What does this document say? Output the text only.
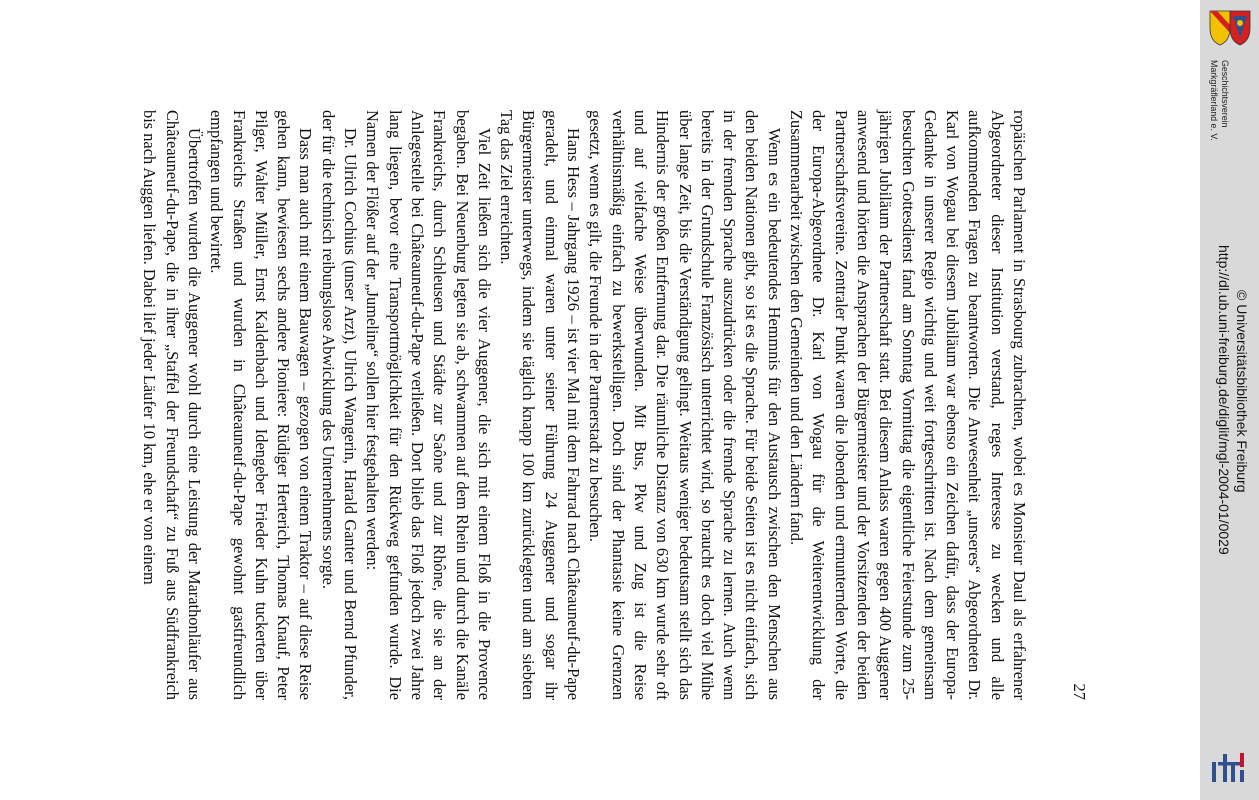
27

ropäischen Parlament in Strasbourg zubrachten, wobei es Monsieur Daul als erfahrener Abgeordneter dieser Institution verstand, reges Interesse zu wecken und alle aufkommenden Fragen zu beantworten. Die Anwesenheit „unseres“ Abgeordneten Dr. Karl von Wogau bei diesem Jubiläum war ebenso ein Zeichen dafür, dass der Europa-Gedanke in unserer Regio wichtig und weit fortgeschritten ist. Nach dem gemeinsam besuchten Gottesdienst fand am Sonntag Vormittag die eigentliche Feierstunde zum 25-jährigen Jubiläum der Partnerschaft statt. Bei diesem Anlass waren gegen 400 Auggener anwesend und hörten die Ansprachen der Bürgermeister und der Vorsitzenden der beiden Partnerschaftsvereine. Zentraler Punkt waren die lobenden und ermunternden Worte, die der Europa-Abgeordnete Dr. Karl von Wogau für die Weiterentwicklung der Zusammenarbeit zwischen den Gemeinden und den Ländern fand.

Wenn es ein bedeutendes Hemmnis für den Austausch zwischen den Menschen aus den beiden Nationen gibt, so ist es die Sprache. Für beide Seiten ist es nicht einfach, sich in der fremden Sprache auszudrücken oder die fremde Sprache zu lernen. Auch wenn bereits in der Grundschule Französisch unterrichtet wird, so braucht es doch viel Mühe über lange Zeit, bis die Verständigung gelingt. Weitaus weniger bedeutsam stellt sich das Hindernis der großen Entfernung dar. Die räumliche Distanz von 630 km wurde sehr oft und auf vielfache Weise überwunden. Mit Bus, Pkw und Zug ist die Reise verhältnismäßig einfach zu bewerkstelligen. Doch sind der Phantasie keine Grenzen gesetzt, wenn es gilt, die Freunde in der Partnerstadt zu besuchen.

Hans Hess – Jahrgang 1926 – ist vier Mal mit dem Fahrrad nach Châteauneuf-du-Pape geradelt, und einmal waren unter seiner Führung 24 Auggener und sogar ihr Bürgermeister unterwegs, indem sie täglich knapp 100 km zurücklegten und am siebten Tag das Ziel erreichten.

Viel Zeit ließen sich die vier Auggener, die sich mit einem Floß in die Provence begaben. Bei Neuenburg legten sie ab, schwammen auf dem Rhein und durch die Kanäle Frankreichs, durch Schleusen und Städte zur Saône und zur Rhône, die sie an der Anlegestelle bei Châteauneuf-du-Pape verließen. Dort blieb das Floß jedoch zwei Jahre lang liegen, bevor eine Transportmöglichkeit für den Rückweg gefunden wurde. Die Namen der Flößer auf der „Jumeline“ sollen hier festgehalten werden:

Dr. Ulrich Cochius (unser Arzt), Ulrich Wangerin, Harald Ganter und Bernd Pfunder, der für die technisch reibungslose Abwicklung des Unternehmens sorgte.

Dass man auch mit einem Bauwagen – gezogen von einem Traktor – auf diese Reise gehen kann, bewiesen sechs andere Pioniere: Rüdiger Herterich, Thomas Knauf, Peter Pilger, Walter Müller, Ernst Kaldenbach und Idengeber Frieder Kuhn tuckerten über Frankreichs Straßen und wurden in Châteauneuf-du-Pape gewohnt gastfreundlich empfangen und bewirtet.

Übertroffen wurden die Auggener wohl durch eine Leistung der Marathonläufer aus Châteauneuf-du-Pape, die in ihrer „Staffel der Freundschaft“ zu Fuß aus Südfrankreich bis nach Auggen liefen. Dabei lief jeder Läufer 10 km, ehe er von einem

Geschichtsverein
Markgräflerland e. V.
http://dl.ub.uni-freiburg.de/diglit/mgl-2004-01/0029 © Universitätsbibliothek Freiburg
